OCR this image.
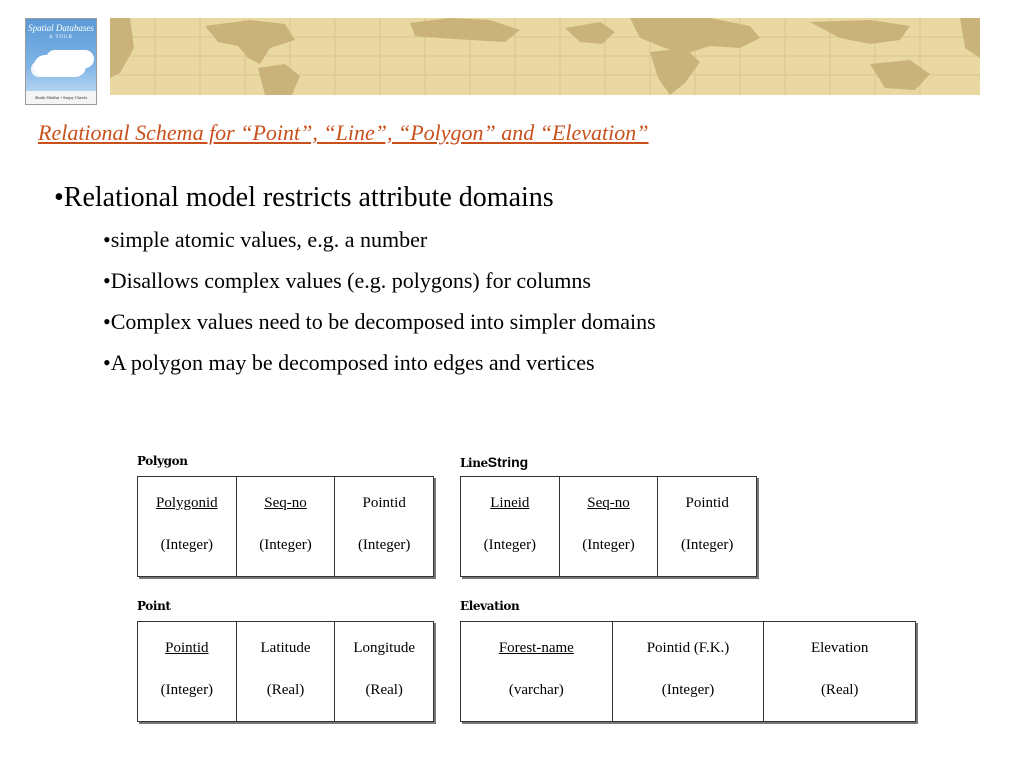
Spatial Databases
A TOUR
Shashi Shekhar • Sanjay Chawla
Relational Schema for “Point”, “Line”, “Polygon” and “Elevation”
•Relational model restricts attribute domains
•simple atomic values, e.g. a number
•Disallows complex values (e.g. polygons) for columns
•Complex values need to be decomposed into simpler domains
•A polygon may be decomposed into edges and vertices
Polygon
Polygonid
(Integer)
Seq-no
(Integer)
Pointid
(Integer)
LineString
Lineid
(Integer)
Seq-no
(Integer)
Pointid
(Integer)
Point
Pointid
(Integer)
Latitude
(Real)
Longitude
(Real)
Elevation
Forest-name
(varchar)
Pointid (F.K.)
(Integer)
Elevation
(Real)
